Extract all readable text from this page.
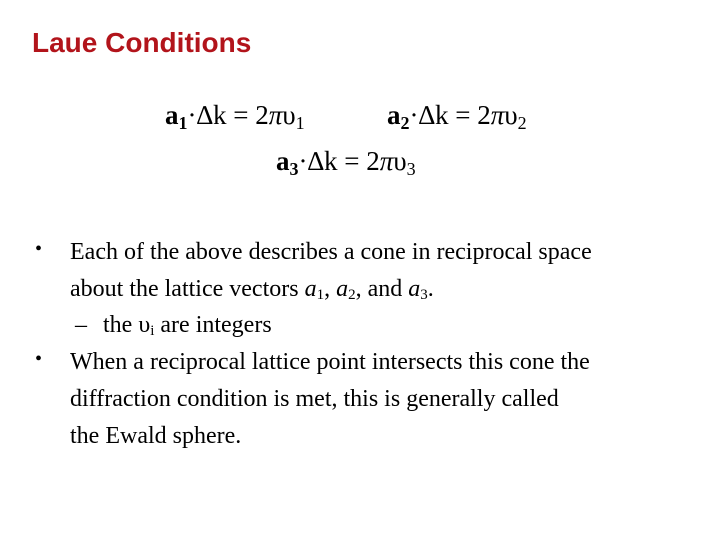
Laue Conditions
$a_1\cdot\Delta k = 2\pi\upsilon_1$	$a_2\cdot\Delta k = 2\pi\upsilon_2$
$a_3\cdot\Delta k = 2\pi\upsilon_3$
• Each of the above describes a cone in reciprocal space
about the lattice vectors $a_1$, $a_2$, and $a_3$.
– the $\upsilon_i$ are integers
• When a reciprocal lattice point intersects this cone the
diffraction condition is met, this is generally called
the Ewald sphere.
